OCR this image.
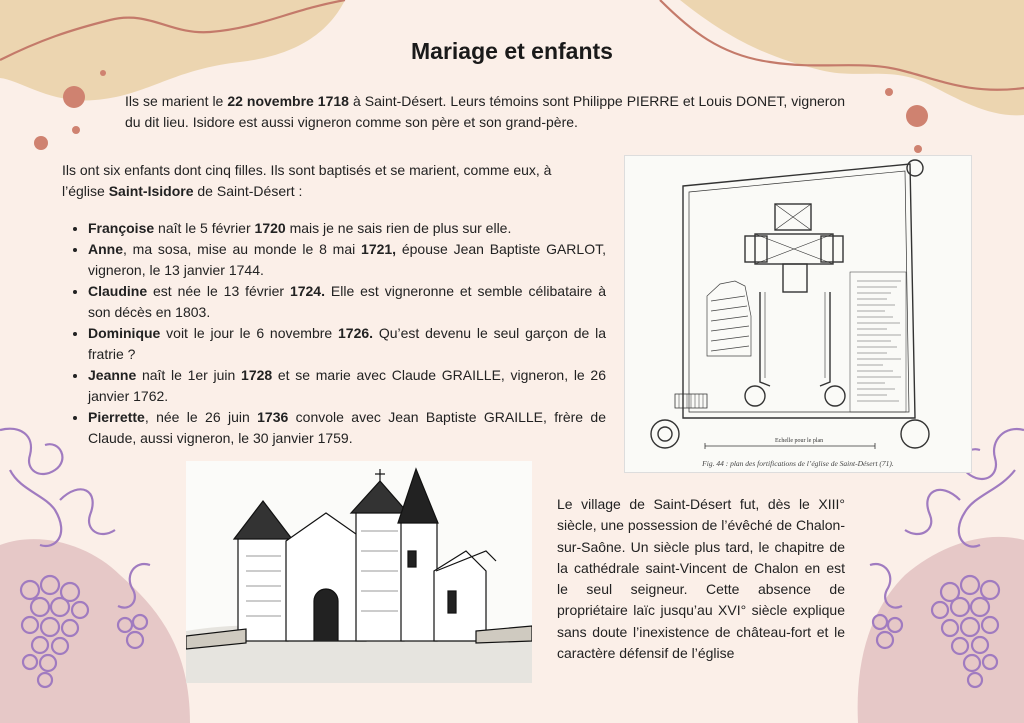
Mariage et enfants
Ils se marient le 22 novembre 1718 à Saint-Désert. Leurs témoins sont Philippe PIERRE et Louis DONET, vigneron du dit lieu. Isidore est aussi vigneron comme son père et son grand-père.
Ils ont six enfants dont cinq filles. Ils sont baptisés et se marient, comme eux, à l’église Saint-Isidore de Saint-Désert :
• Françoise naît le 5 février 1720 mais je ne sais rien de plus sur elle.
• Anne, ma sosa, mise au monde le 8 mai 1721, épouse Jean Baptiste GARLOT, vigneron, le 13 janvier 1744.
• Claudine est née le 13 février 1724. Elle est vigneronne et semble célibataire à son décès en 1803.
• Dominique voit le jour le 6 novembre 1726. Qu’est devenu le seul garçon de la fratrie ?
• Jeanne naît le 1er juin 1728 et se marie avec Claude GRAILLE, vigneron, le 26 janvier 1762.
• Pierrette, née le 26 juin 1736 convole avec Jean Baptiste GRAILLE, frère de Claude, aussi vigneron, le 30 janvier 1759.	Echelle pour le plan
Fig. 44 : plan des fortifications de l’église de Saint-Désert (71).
Le village de Saint-Désert fut, dès le XIII° siècle, une possession de l’évêché de Chalon-sur-Saône. Un siècle plus tard, le chapitre de la cathédrale saint-Vincent de Chalon en est le seul seigneur. Cette absence de propriétaire laïc jusqu’au XVI° siècle explique sans doute l’inexistence de château-fort et le caractère défensif de l’église
